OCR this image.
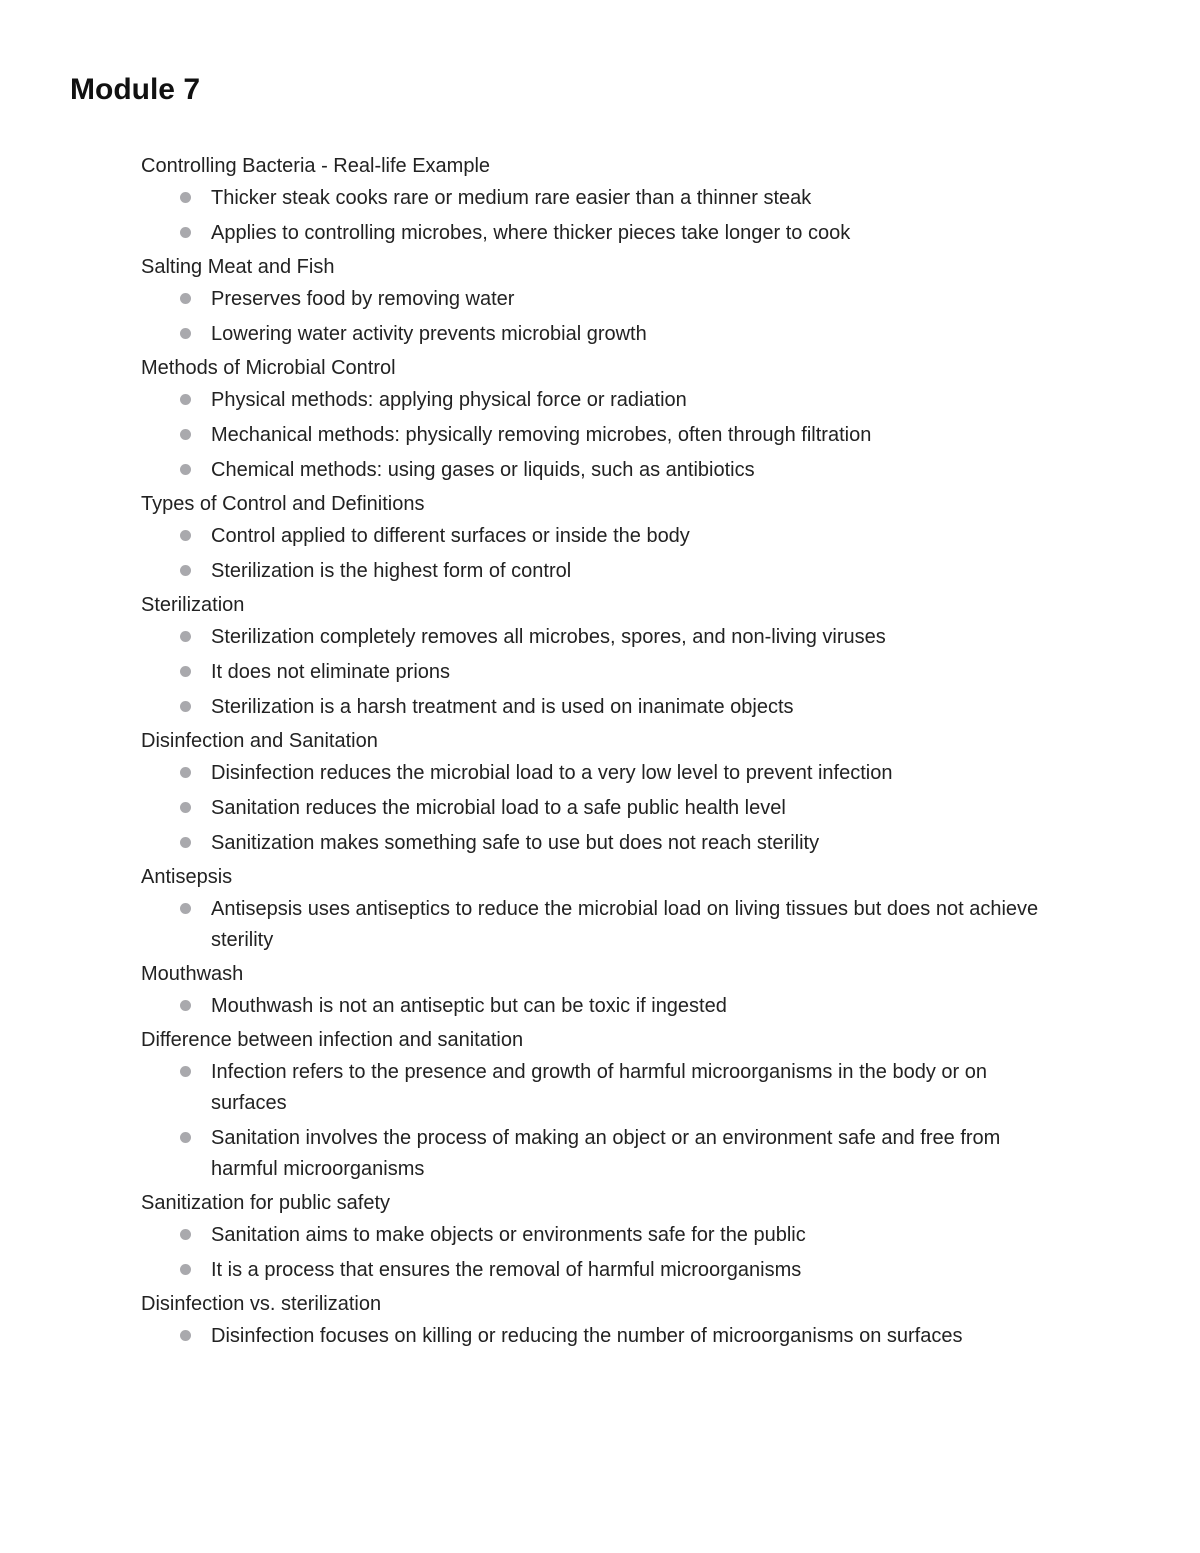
Module 7
Controlling Bacteria - Real-life Example
Thicker steak cooks rare or medium rare easier than a thinner steak
Applies to controlling microbes, where thicker pieces take longer to cook
Salting Meat and Fish
Preserves food by removing water
Lowering water activity prevents microbial growth
Methods of Microbial Control
Physical methods: applying physical force or radiation
Mechanical methods: physically removing microbes, often through filtration
Chemical methods: using gases or liquids, such as antibiotics
Types of Control and Definitions
Control applied to different surfaces or inside the body
Sterilization is the highest form of control
Sterilization
Sterilization completely removes all microbes, spores, and non-living viruses
It does not eliminate prions
Sterilization is a harsh treatment and is used on inanimate objects
Disinfection and Sanitation
Disinfection reduces the microbial load to a very low level to prevent infection
Sanitation reduces the microbial load to a safe public health level
Sanitization makes something safe to use but does not reach sterility
Antisepsis
Antisepsis uses antiseptics to reduce the microbial load on living tissues but does not achieve sterility
Mouthwash
Mouthwash is not an antiseptic but can be toxic if ingested
Difference between infection and sanitation
Infection refers to the presence and growth of harmful microorganisms in the body or on surfaces
Sanitation involves the process of making an object or an environment safe and free from harmful microorganisms
Sanitization for public safety
Sanitation aims to make objects or environments safe for the public
It is a process that ensures the removal of harmful microorganisms
Disinfection vs. sterilization
Disinfection focuses on killing or reducing the number of microorganisms on surfaces
